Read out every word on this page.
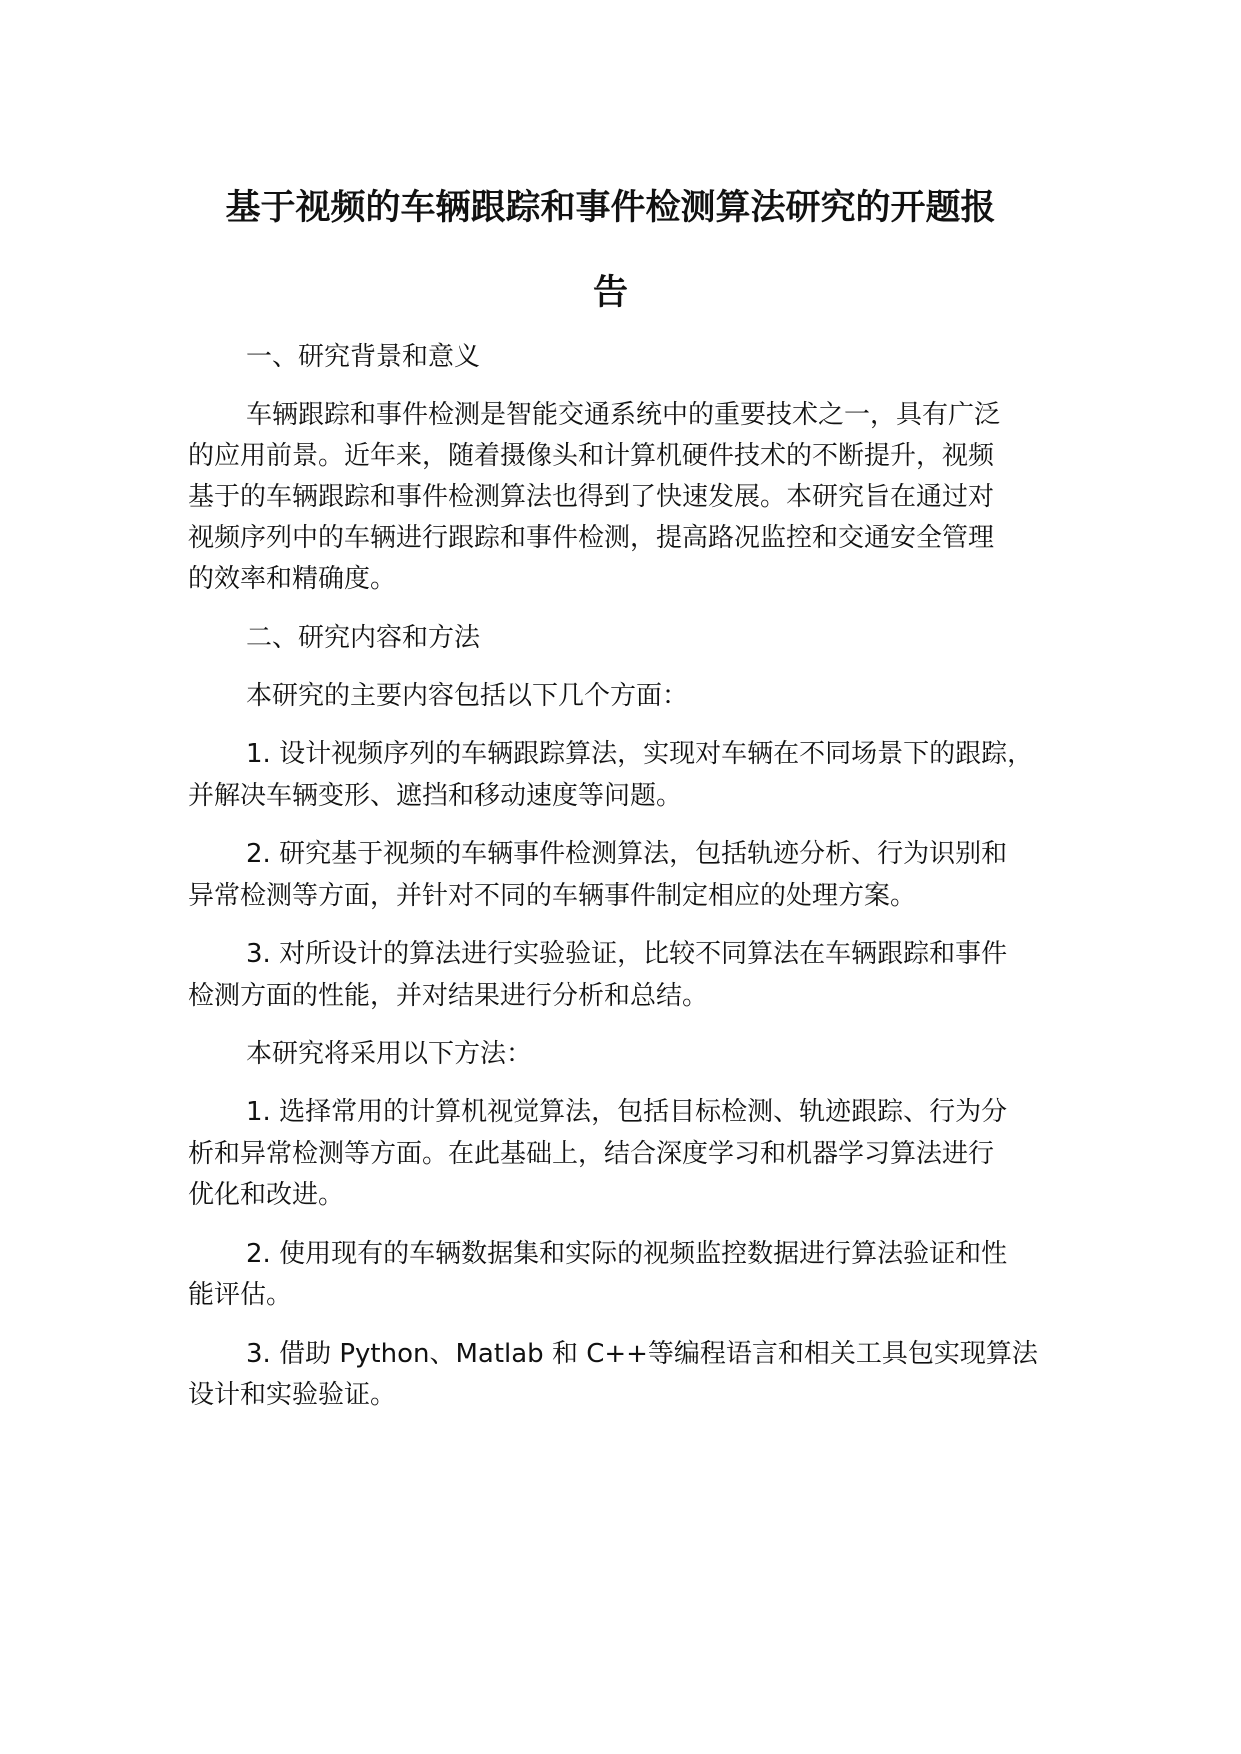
基于视频的车辆跟踪和事件检测算法研究的开题报
告

一、研究背景和意义

车辆跟踪和事件检测是智能交通系统中的重要技术之一，具有广泛

的应用前景。近年来，随着摄像头和计算机硬件技术的不断提升，视频

基于的车辆跟踪和事件检测算法也得到了快速发展。本研究旨在通过对

视频序列中的车辆进行跟踪和事件检测，提高路况监控和交通安全管理

的效率和精确度。

二、研究内容和方法

本研究的主要内容包括以下几个方面：

1. 设计视频序列的车辆跟踪算法，实现对车辆在不同场景下的跟踪，

并解决车辆变形、遮挡和移动速度等问题。

2. 研究基于视频的车辆事件检测算法，包括轨迹分析、行为识别和

异常检测等方面，并针对不同的车辆事件制定相应的处理方案。

3. 对所设计的算法进行实验验证，比较不同算法在车辆跟踪和事件

检测方面的性能，并对结果进行分析和总结。

本研究将采用以下方法：

1. 选择常用的计算机视觉算法，包括目标检测、轨迹跟踪、行为分

析和异常检测等方面。在此基础上，结合深度学习和机器学习算法进行

优化和改进。

2. 使用现有的车辆数据集和实际的视频监控数据进行算法验证和性

能评估。

3. 借助 Python、Matlab 和 C++等编程语言和相关工具包实现算法

设计和实验验证。
